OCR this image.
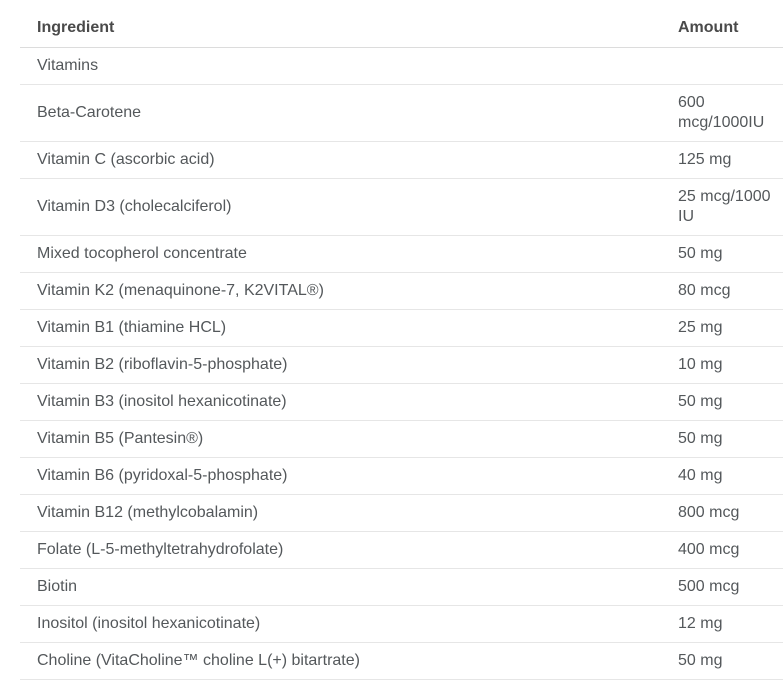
Ingredient	Amount
Vitamins	
Beta-Carotene	600 mcg/1000IU
Vitamin C (ascorbic acid)	125 mg
Vitamin D3 (cholecalciferol)	25 mcg/1000 IU
Mixed tocopherol concentrate	50 mg
Vitamin K2 (menaquinone-7, K2VITAL®)	80 mcg
Vitamin B1 (thiamine HCL)	25 mg
Vitamin B2 (riboflavin-5-phosphate)	10 mg
Vitamin B3 (inositol hexanicotinate)	50 mg
Vitamin B5 (Pantesin®)	50 mg
Vitamin B6 (pyridoxal-5-phosphate)	40 mg
Vitamin B12 (methylcobalamin)	800 mcg
Folate (L-5-methyltetrahydrofolate)	400 mcg
Biotin	500 mcg
Inositol (inositol hexanicotinate)	12 mg
Choline (VitaCholine™ choline L(+) bitartrate)	50 mg
